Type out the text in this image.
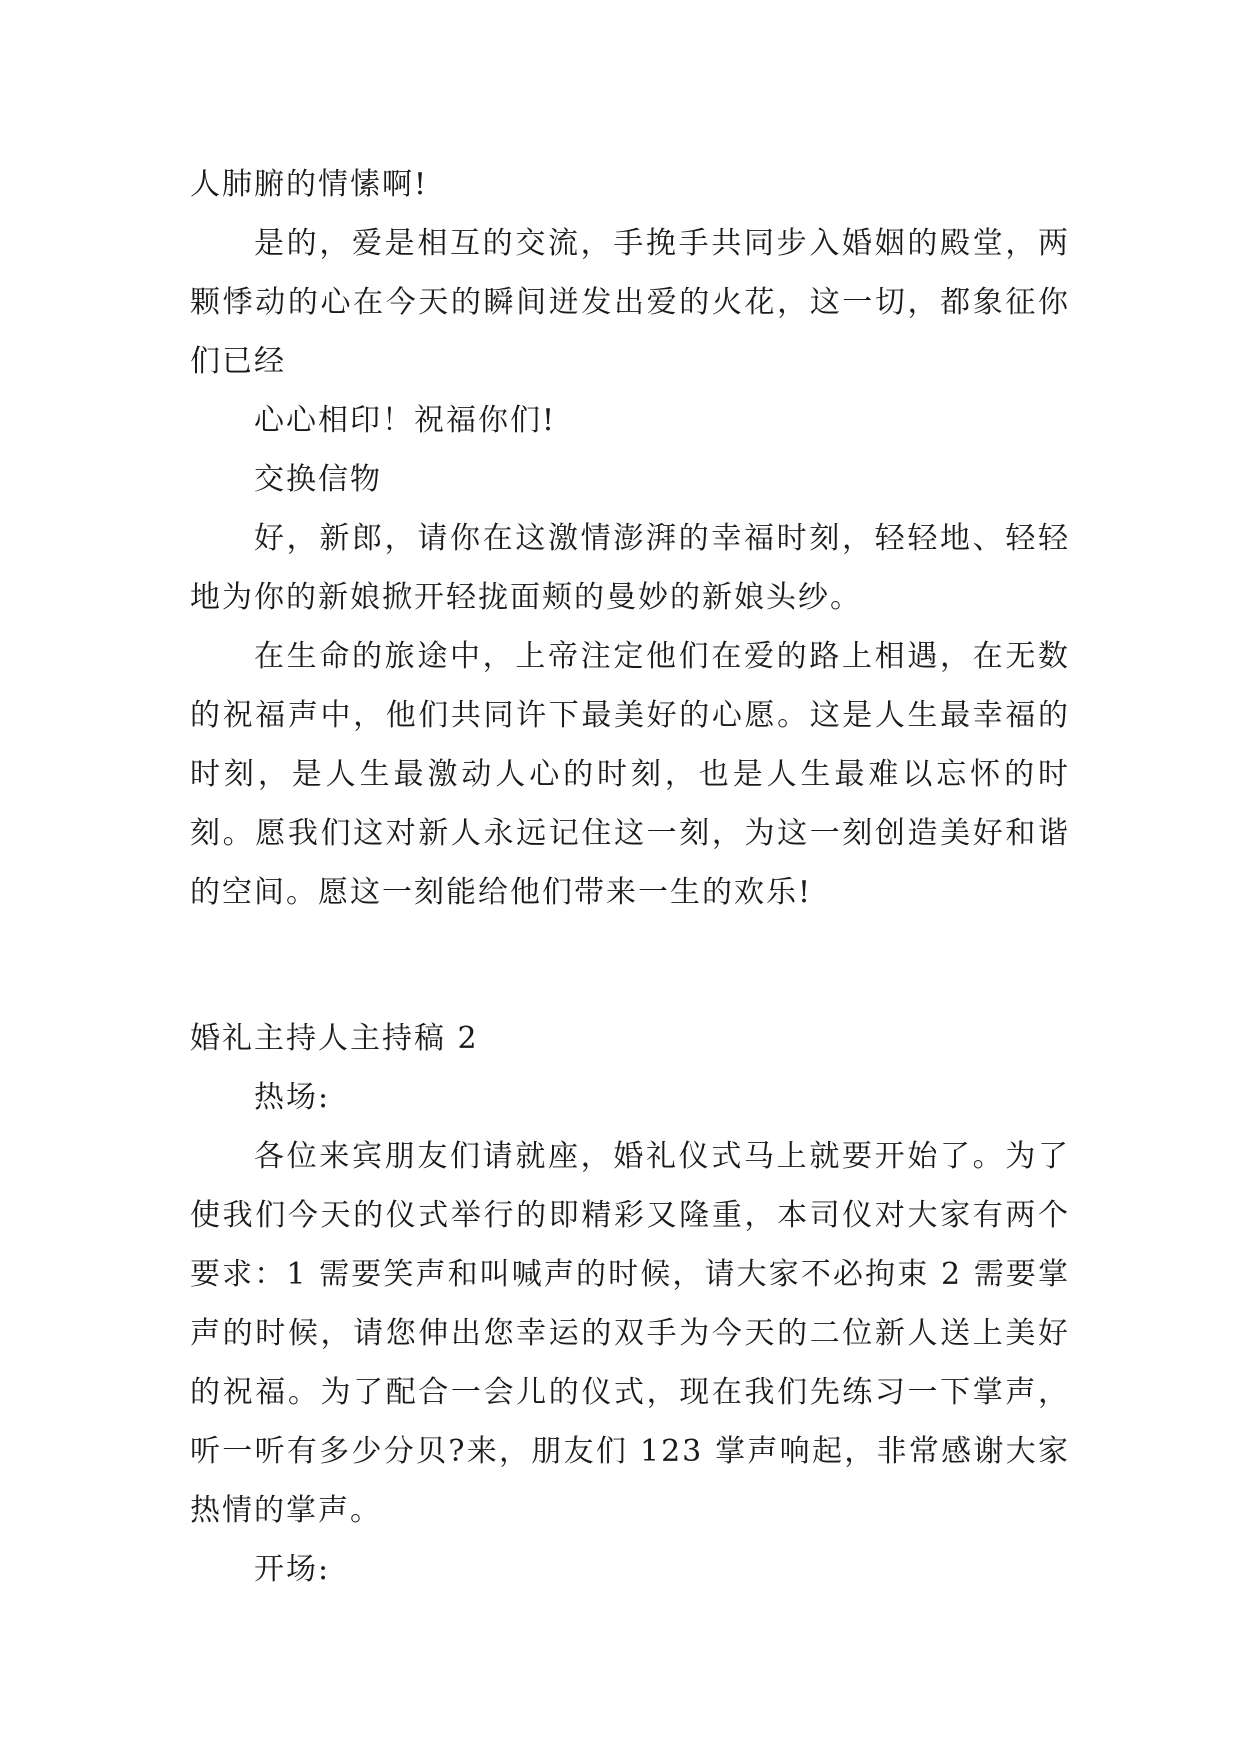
人肺腑的情愫啊!

是的，爱是相互的交流，手挽手共同步入婚姻的殿堂，两颗悸动的心在今天的瞬间迸发出爱的火花，这一切，都象征你们已经

心心相印！祝福你们!

交换信物

好，新郎，请你在这激情澎湃的幸福时刻，轻轻地、轻轻地为你的新娘掀开轻拢面颊的曼妙的新娘头纱。

在生命的旅途中，上帝注定他们在爱的路上相遇，在无数的祝福声中，他们共同许下最美好的心愿。这是人生最幸福的时刻，是人生最激动人心的时刻，也是人生最难以忘怀的时刻。愿我们这对新人永远记住这一刻，为这一刻创造美好和谐的空间。愿这一刻能给他们带来一生的欢乐!

婚礼主持人主持稿 2

热场:

各位来宾朋友们请就座，婚礼仪式马上就要开始了。为了使我们今天的仪式举行的即精彩又隆重，本司仪对大家有两个要求：1 需要笑声和叫喊声的时候，请大家不必拘束 2 需要掌声的时候，请您伸出您幸运的双手为今天的二位新人送上美好的祝福。为了配合一会儿的仪式，现在我们先练习一下掌声，听一听有多少分贝?来，朋友们 123 掌声响起，非常感谢大家热情的掌声。

开场:
